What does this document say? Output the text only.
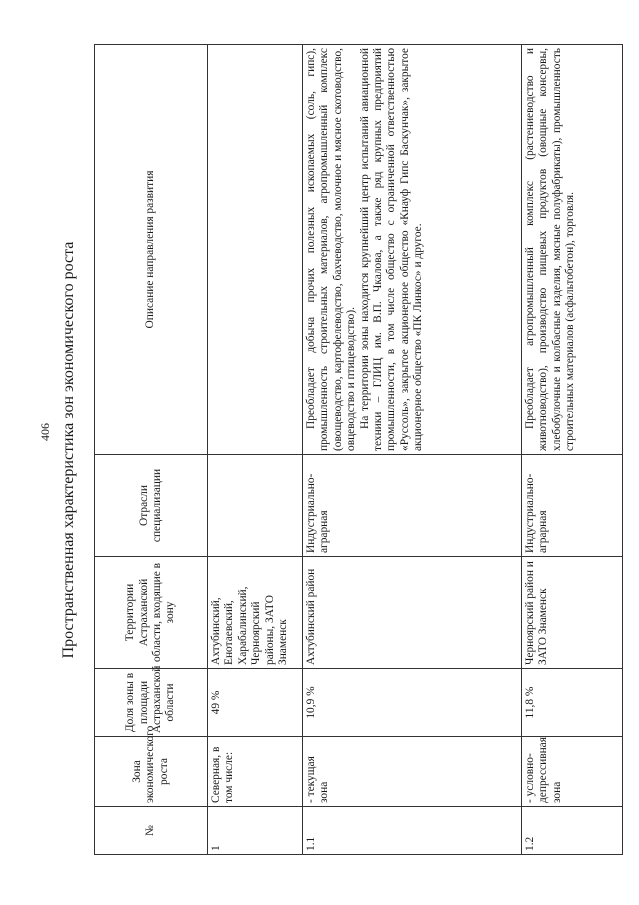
406 Пространственная характеристика зон экономического роста
№	Зона экономического роста	Доля зоны в площади Астраханской области	Территории Астраханской области, входящие в зону	Отрасли специализации	Описание направления развития
1	Северная, в том числе:	49 %	Ахтубинский, Енотаевский, Харабалинский, Черноярский районы, ЗАТО Знаменск		

1.1	- текущая зона	10,9 %	Ахтубинский район	Индустриально-аграрная	Преобладает добыча прочих полезных ископаемых (соль, гипс), промышленность строительных материалов, агропромышленный комплекс (овощеводство, картофелеводство, бахчеводство, молочное и мясное скотоводство, овцеводство и птицеводство). На территории зоны находится крупнейший центр испытаний авиационной техники – ГЛИЦ им. В.П. Чкалова, а также ряд крупных предприятий промышленности, в том числе общество с ограниченной ответственностью «Руссоль», закрытое акционерное общество «Кнауф Гипс Баскунчак», закрытое акционерное общество «ПК Линкос» и другое.

1.2	- условно-депрессивная зона	11,8 %	Черноярский район и ЗАТО Знаменск	Индустриально-аграрная	Преобладает агропромышленный комплекс (растениеводство и животноводство), производство пищевых продуктов (овощные консервы, хлебобулочные и колбасные изделия, мясные полуфабрикаты), промышленность строительных материалов (асфальтобетон), торговля.
